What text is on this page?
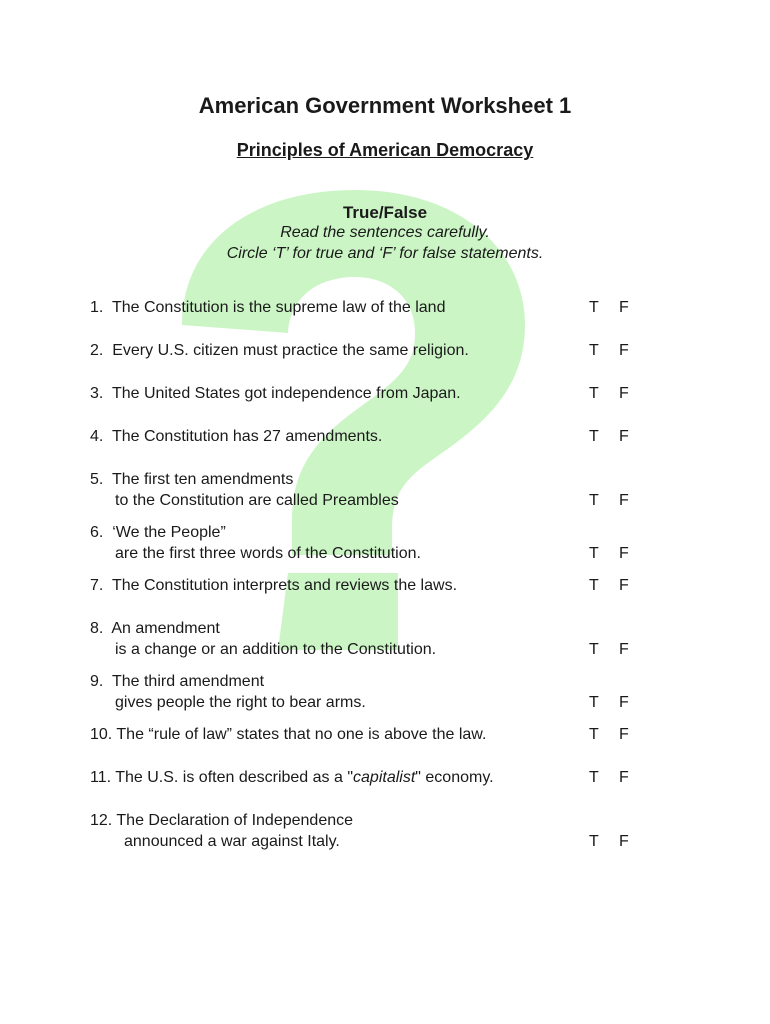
American Government Worksheet 1
Principles of American Democracy
True/False
Read the sentences carefully.
Circle ‘T’ for true and ‘F’ for false statements.
1. The Constitution is the supreme law of the land	T F
2. Every U.S. citizen must practice the same religion.	T F
3. The United States got independence from Japan.	T F
4. The Constitution has 27 amendments.	T F
5. The first ten amendments
to the Constitution are called Preambles	T F
6. ‘We the People”
are the first three words of the Constitution.	T F
7. The Constitution interprets and reviews the laws.	T F
8. An amendment
is a change or an addition to the Constitution.	T F
9. The third amendment
gives people the right to bear arms.	T F
10. The “rule of law” states that no one is above the law.	T F
11. The U.S. is often described as a "capitalist" economy.	T F
12. The Declaration of Independence
announced a war against Italy.	T F
